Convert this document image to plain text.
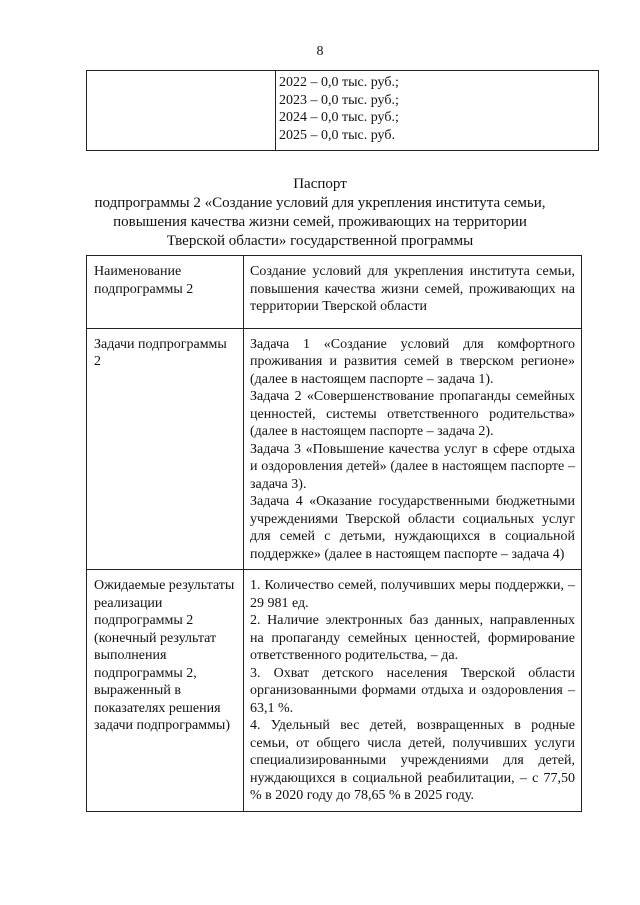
8

2022 – 0,0 тыс. руб.;
2023 – 0,0 тыс. руб.;
2024 – 0,0 тыс. руб.;
2025 – 0,0 тыс. руб.
Паспорт
подпрограммы 2 «Создание условий для укрепления института семьи,
повышения качества жизни семей, проживающих на территории
Тверской области» государственной программы
Наименование подпрограммы 2	Создание условий для укрепления института семьи, повышения качества жизни семей, проживающих на территории Тверской области

Задачи подпрограммы 2	Задача 1 «Создание условий для комфортного проживания и развития семей в тверском регионе» (далее в настоящем паспорте – задача 1).

Задача 2 «Совершенствование пропаганды семейных ценностей, системы ответственного родительства» (далее в настоящем паспорте – задача 2).

Задача 3 «Повышение качества услуг в сфере отдыха и оздоровления детей» (далее в настоящем паспорте – задача 3).

Задача 4 «Оказание государственными бюджетными учреждениями Тверской области социальных услуг для семей с детьми, нуждающихся в социальной поддержке» (далее в настоящем паспорте – задача 4)

Ожидаемые результаты реализации подпрограммы 2 (конечный результат выполнения подпрограммы 2, выраженный в показателях решения задачи подпрограммы)	1. Количество семей, получивших меры поддержки, – 29 981 ед.

2. Наличие электронных баз данных, направленных на пропаганду семейных ценностей, формирование ответственного родительства, – да.

3. Охват детского населения Тверской области организованными формами отдыха и оздоровления – 63,1 %.

4. Удельный вес детей, возвращенных в родные семьи, от общего числа детей, получивших услуги специализированными учреждениями для детей, нуждающихся в социальной реабилитации, – с 77,50 % в 2020 году до 78,65 % в 2025 году.
